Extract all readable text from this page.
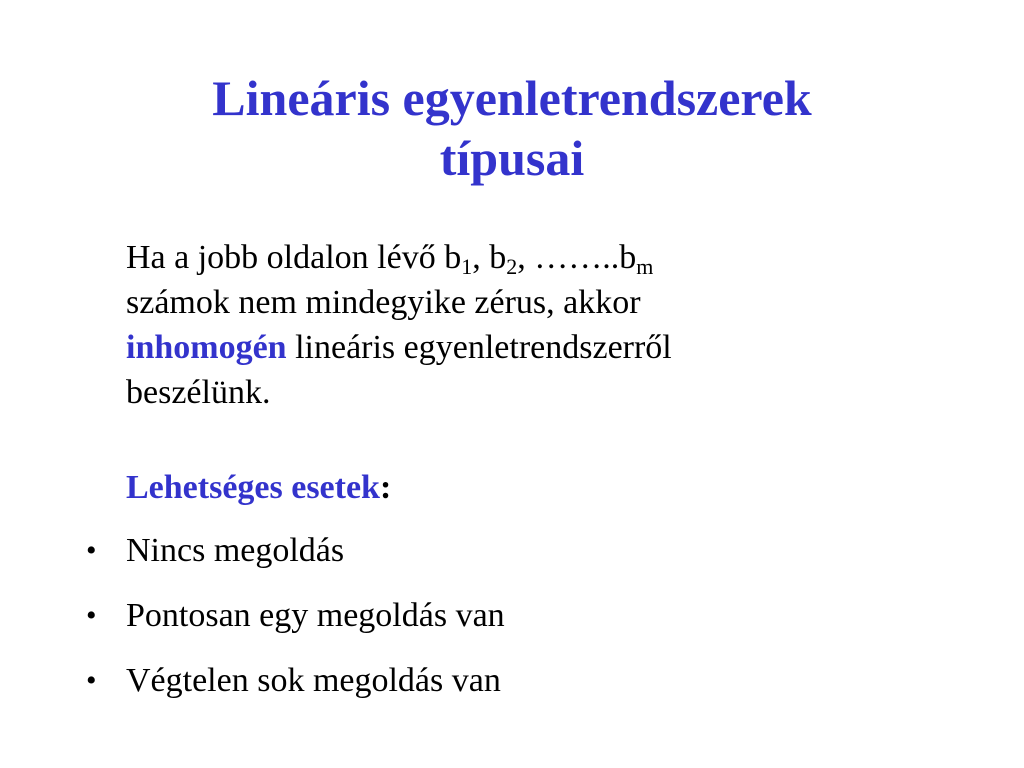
Lineáris egyenletrendszerek
típusai
Ha a jobb oldalon lévő $b_1$, $b_2$, $\dots\dots..b_m$
számok nem mindegyike zérus, akkor
inhomogén lineáris egyenletrendszerről
beszélünk.
Lehetséges esetek:
• Nincs megoldás
• Pontosan egy megoldás van
• Végtelen sok megoldás van
